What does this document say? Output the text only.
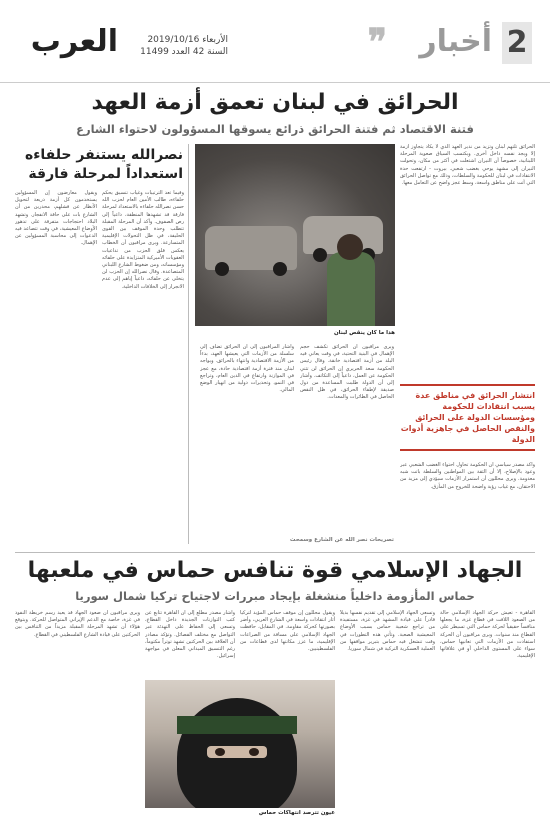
2
أخبار
❞
الأربعاء 2019/10/16
السنة 42 العدد 11499
العرب
الحرائق في لبنان تعمق أزمة العهد
فتنة الاقتصاد ثم فتنة الحرائق ذرائع يسوقها المسؤولون لاحتواء الشارع
الحرائق تلتهم لبنان وتزيد من نذير العهد الذي لا يكاد يتجاوز أزمة إلا ويجد نفسه داخل أخرى. ويكتسب السياق صعوبة المرحلة اللبنانية، خصوصاً أن النيران اشتعلت في أكثر من مكان، وتحولت النيران إلى مشهد يوحي بغضب شعبي. بيروت - ارتفعت حدة الانتقادات في لبنان للحكومة والسلطات، وذلك مع تواصل الحرائق التي أتت على مناطق واسعة، وسط عجز واضح عن التعامل معها.
هذا ما كان ينقص لبنان
انتشار الحرائق في مناطق عدة يسبب انتقادات للحكومة ومؤسسات الدولة على الحرائق والنقص الحاصل في جاهزية أدوات الدولة
وأكد مصدر سياسي أن الحكومة تحاول احتواء الغضب الشعبي عبر وعود بالإصلاح، إلا أن الثقة بين المواطنين والسلطة باتت شبه معدومة. ويرى محللون أن استمرار الأزمات سيؤدي إلى مزيد من الاحتقان، مع غياب رؤية واضحة للخروج من المأزق.
ويرى مراقبون أن الحرائق تكشف حجم الإهمال في البنية التحتية، في وقت يعاني فيه البلد من أزمة اقتصادية خانقة. وقال رئيس الحكومة سعد الحريري إن الحرائق لن تثني الحكومة عن العمل، داعياً إلى التكاتف. وأشار إلى أن الدولة طلبت المساعدة من دول صديقة لإطفاء الحرائق، في ظل النقص الحاصل في الطائرات والمعدات.
وأشار المراقبون إلى أن الحرائق تضاف إلى سلسلة من الأزمات التي يعيشها العهد، بدءاً من الأزمة الاقتصادية وانتهاء بالحرائق. ويواجه لبنان منذ فترة أزمة اقتصادية حادة، مع عجز في الموازنة وارتفاع في الدين العام، وتراجع في النمو، وتحذيرات دولية من انهيار الوضع المالي.
نصرالله يستنفر حلفاءه استعداداً لمرحلة فارقة
وفيما تعد الترتيبات وغياب تنسيق يحكم حلفاءه، طالب الأمين العام لحزب الله حسن نصرالله حلفاءه بالاستعداد لمرحلة فارقة قد تشهدها المنطقة، داعياً إلى رص الصفوف. وأكد أن المرحلة المقبلة تتطلب وحدة الموقف بين القوى الحليفة، في ظل التحولات الإقليمية المتسارعة. ويرى مراقبون أن الخطاب يعكس قلق الحزب من تداعيات العقوبات الأميركية المتزايدة على حلفائه ومؤسساته، ومن ضغوط الشارع اللبناني المتصاعدة. وقال نصرالله إن الحزب لن يتخلى عن حلفائه، داعياً إياهم إلى عدم الانجرار إلى الخلافات الداخلية.
ويقول معارضون إن المسؤولين يستخدمون كل أزمة ذريعة لتحويل الأنظار عن فشلهم، محذرين من أن الشارع بات على حافة الانفجار. وتشهد البلاد احتجاجات متفرقة على تدهور الأوضاع المعيشية، في وقت تتصاعد فيه الدعوات إلى محاسبة المسؤولين عن الإهمال.
تصريحات نصر الله عن الشارع وسمحت
الجهاد الإسلامي قوة تنافس حماس في ملعبها
حماس المأزومة داخلياً منشغلة بإيجاد مبررات لاجتياح تركيا شمال سوريا
القاهرة - تعيش حركة الجهاد الإسلامي حالة من الصعود اللافت في قطاع غزة، ما يجعلها منافساً حقيقياً لحركة حماس التي تسيطر على القطاع منذ سنوات. ويرى مراقبون أن الحركة استفادت من الأزمات التي تعانيها حماس، سواء على المستوى الداخلي أو في علاقاتها الإقليمية.
وتسعى الجهاد الإسلامي إلى تقديم نفسها بديلاً قادراً على قيادة المشهد في غزة، مستفيدة من تراجع شعبية حماس بسبب الأوضاع المعيشية الصعبة. وتأتي هذه التطورات في وقت تنشغل فيه حماس بتبرير مواقفها من العملية العسكرية التركية في شمال سوريا.
ويقول محللون إن موقف حماس المؤيد لتركيا أثار انتقادات واسعة في الشارع العربي، وأضر بصورتها كحركة مقاومة. في المقابل، حافظت الجهاد الإسلامي على مسافة من الصراعات الإقليمية، ما عزز مكانتها لدى قطاعات من الفلسطينيين.
وأشار مصدر مطلع إلى أن القاهرة تتابع عن كثب التوازنات الجديدة داخل القطاع، وتسعى إلى الحفاظ على التهدئة عبر التواصل مع مختلف الفصائل. وتؤكد مصادر أن العلاقة بين الحركتين تشهد توتراً مكتوماً، رغم التنسيق الميداني المعلن في مواجهة إسرائيل.
ويرى مراقبون أن صعود الجهاد قد يعيد رسم خريطة النفوذ في غزة، خاصة مع الدعم الإيراني المتواصل للحركة. ويتوقع هؤلاء أن تشهد المرحلة المقبلة مزيداً من التنافس بين الحركتين على قيادة الشارع الفلسطيني في القطاع.
عيون تترصد انتهاكات حماس
